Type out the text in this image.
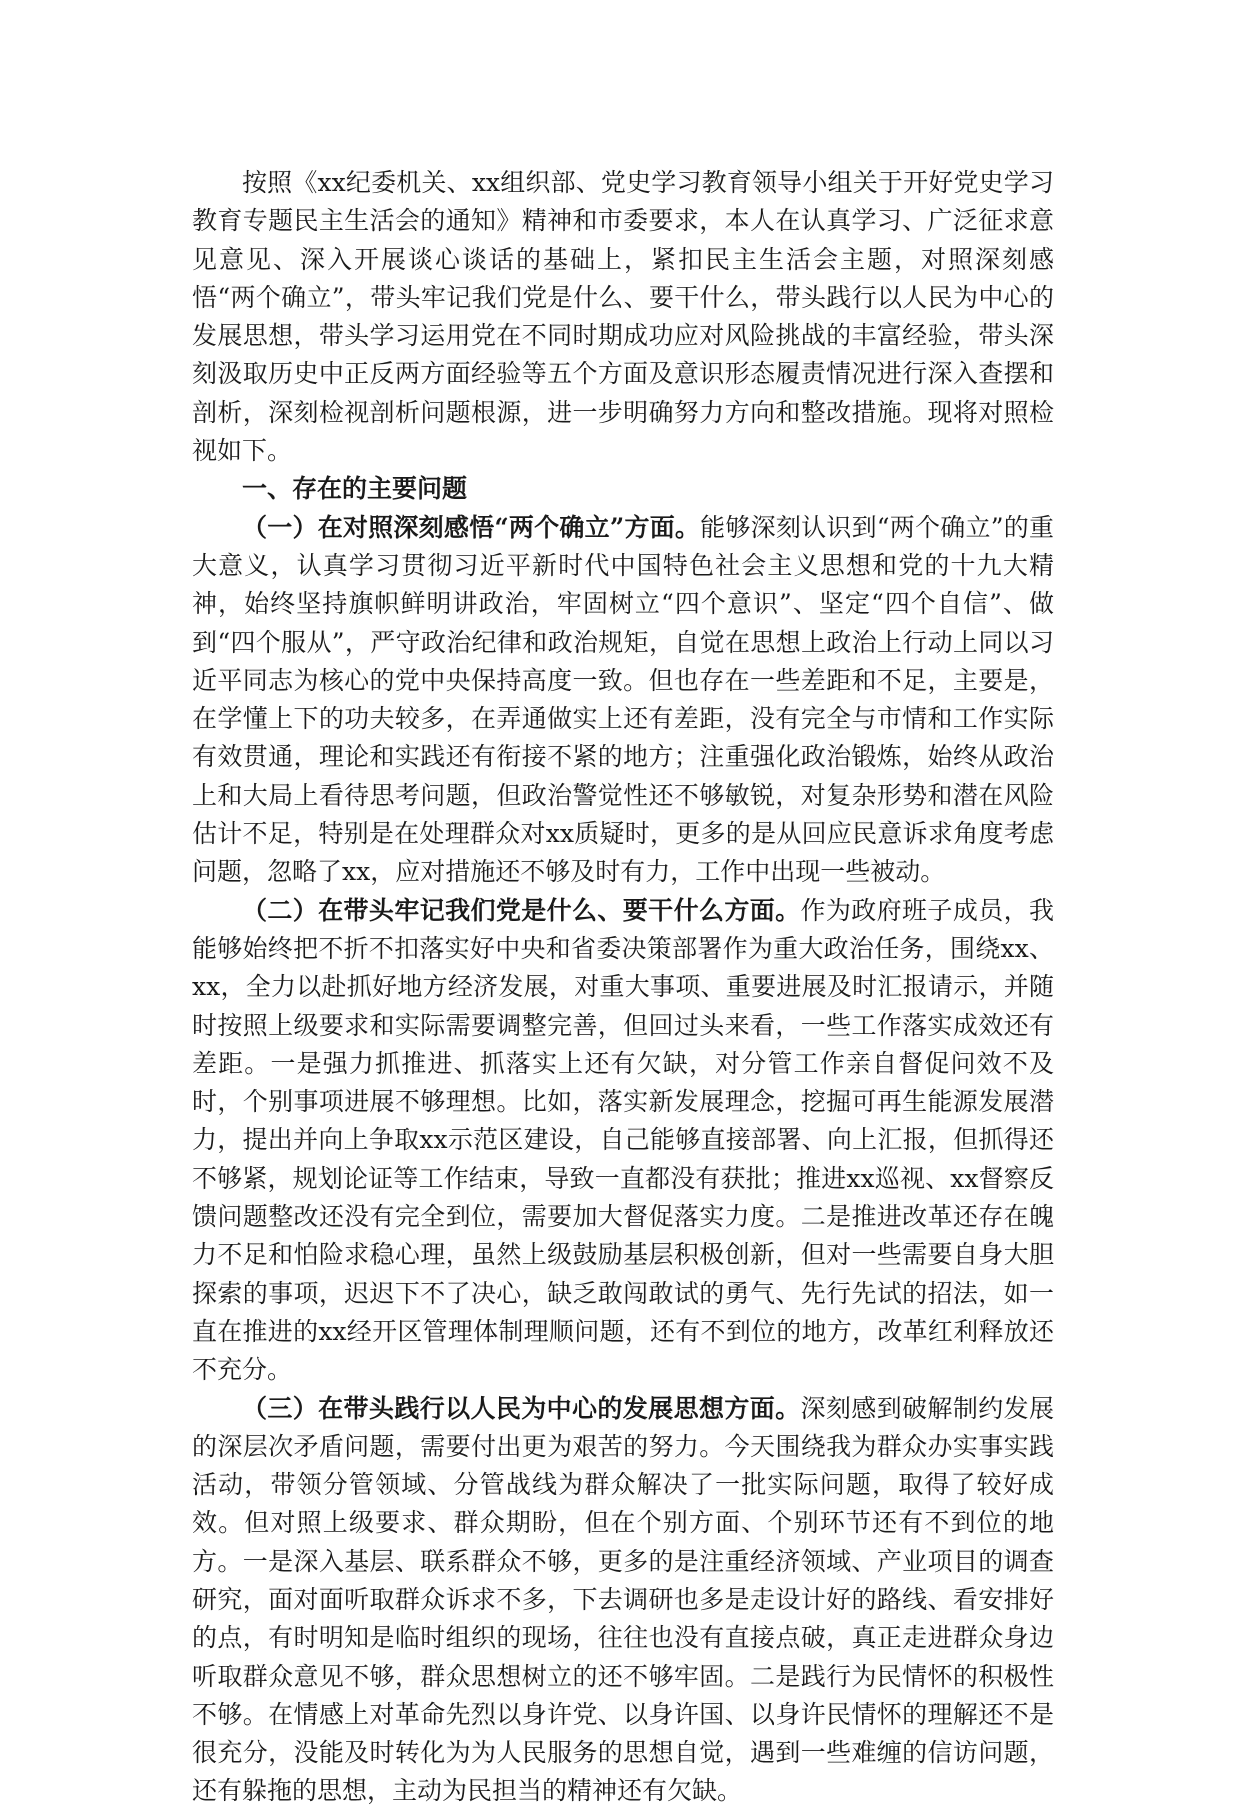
按照《xx纪委机关、xx组织部、党史学习教育领导小组关于开好党史学习教育专题民主生活会的通知》精神和市委要求，本人在认真学习、广泛征求意见意见、深入开展谈心谈话的基础上，紧扣民主生活会主题，对照深刻感悟“两个确立”，带头牢记我们党是什么、要干什么，带头践行以人民为中心的发展思想，带头学习运用党在不同时期成功应对风险挑战的丰富经验，带头深刻汲取历史中正反两方面经验等五个方面及意识形态履责情况进行深入查摆和剖析，深刻检视剖析问题根源，进一步明确努力方向和整改措施。现将对照检视如下。

一、存在的主要问题

（一）在对照深刻感悟“两个确立”方面。能够深刻认识到“两个确立”的重大意义，认真学习贯彻习近平新时代中国特色社会主义思想和党的十九大精神，始终坚持旗帜鲜明讲政治，牢固树立“四个意识”、坚定“四个自信”、做到“四个服从”，严守政治纪律和政治规矩，自觉在思想上政治上行动上同以习近平同志为核心的党中央保持高度一致。但也存在一些差距和不足，主要是，在学懂上下的功夫较多，在弄通做实上还有差距，没有完全与市情和工作实际有效贯通，理论和实践还有衔接不紧的地方；注重强化政治锻炼，始终从政治上和大局上看待思考问题，但政治警觉性还不够敏锐，对复杂形势和潜在风险估计不足，特别是在处理群众对xx质疑时，更多的是从回应民意诉求角度考虑问题，忽略了xx，应对措施还不够及时有力，工作中出现一些被动。

（二）在带头牢记我们党是什么、要干什么方面。作为政府班子成员，我能够始终把不折不扣落实好中央和省委决策部署作为重大政治任务，围绕xx、xx，全力以赴抓好地方经济发展，对重大事项、重要进展及时汇报请示，并随时按照上级要求和实际需要调整完善，但回过头来看，一些工作落实成效还有差距。一是强力抓推进、抓落实上还有欠缺，对分管工作亲自督促问效不及时，个别事项进展不够理想。比如，落实新发展理念，挖掘可再生能源发展潜力，提出并向上争取xx示范区建设，自己能够直接部署、向上汇报，但抓得还不够紧，规划论证等工作结束，导致一直都没有获批；推进xx巡视、xx督察反馈问题整改还没有完全到位，需要加大督促落实力度。二是推进改革还存在魄力不足和怕险求稳心理，虽然上级鼓励基层积极创新，但对一些需要自身大胆探索的事项，迟迟下不了决心，缺乏敢闯敢试的勇气、先行先试的招法，如一直在推进的xx经开区管理体制理顺问题，还有不到位的地方，改革红利释放还不充分。

（三）在带头践行以人民为中心的发展思想方面。深刻感到破解制约发展的深层次矛盾问题，需要付出更为艰苦的努力。今天围绕我为群众办实事实践活动，带领分管领域、分管战线为群众解决了一批实际问题，取得了较好成效。但对照上级要求、群众期盼，但在个别方面、个别环节还有不到位的地方。一是深入基层、联系群众不够，更多的是注重经济领域、产业项目的调查研究，面对面听取群众诉求不多，下去调研也多是走设计好的路线、看安排好的点，有时明知是临时组织的现场，往往也没有直接点破，真正走进群众身边听取群众意见不够，群众思想树立的还不够牢固。二是践行为民情怀的积极性不够。在情感上对革命先烈以身许党、以身许国、以身许民情怀的理解还不是很充分，没能及时转化为为人民服务的思想自觉，遇到一些难缠的信访问题，还有躲拖的思想，主动为民担当的精神还有欠缺。
